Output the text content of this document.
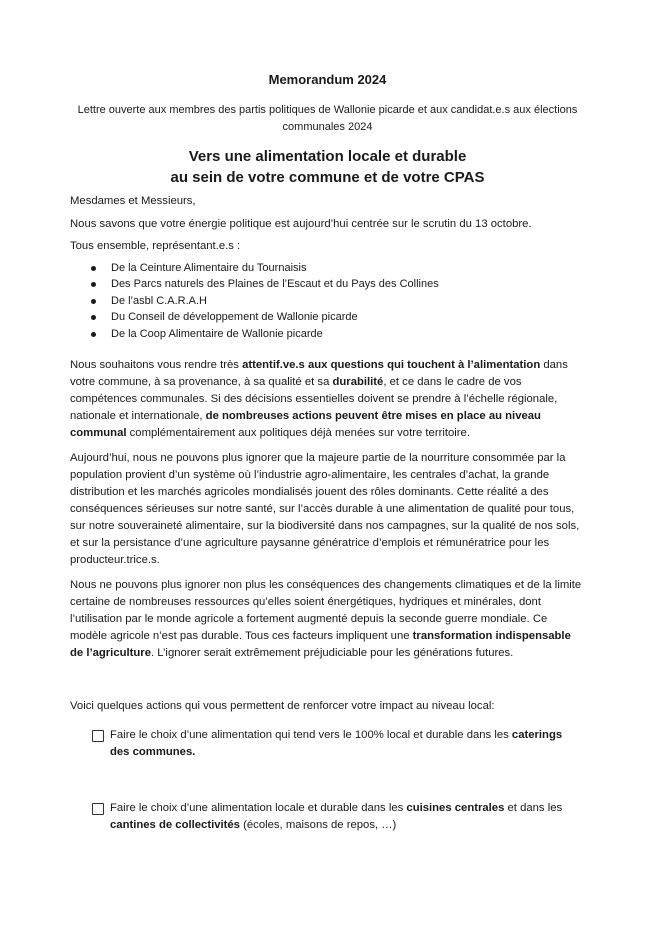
Memorandum 2024
Lettre ouverte aux membres des partis politiques de Wallonie picarde et aux candidat.e.s aux élections communales 2024
Vers une alimentation locale et durable
au sein de votre commune et de votre CPAS

Mesdames et Messieurs,

Nous savons que votre énergie politique est aujourd’hui centrée sur le scrutin du 13 octobre.

Tous ensemble, représentant.e.s :

De la Ceinture Alimentaire du Tournaisis
Des Parcs naturels des Plaines de l’Escaut et du Pays des Collines
De l’asbl C.A.R.A.H
Du Conseil de développement de Wallonie picarde
De la Coop Alimentaire de Wallonie picarde

Nous souhaitons vous rendre très attentif.ve.s aux questions qui touchent à l’alimentation dans votre commune, à sa provenance, à sa qualité et sa durabilité, et ce dans le cadre de vos compétences communales. Si des décisions essentielles doivent se prendre à l’échelle régionale, nationale et internationale, de nombreuses actions peuvent être mises en place au niveau communal complémentairement aux politiques déjà menées sur votre territoire.

Aujourd’hui, nous ne pouvons plus ignorer que la majeure partie de la nourriture consommée par la population provient d’un système où l’industrie agro-alimentaire, les centrales d’achat, la grande distribution et les marchés agricoles mondialisés jouent des rôles dominants. Cette réalité a des conséquences sérieuses sur notre santé, sur l’accès durable à une alimentation de qualité pour tous, sur notre souveraineté alimentaire, sur la biodiversité dans nos campagnes, sur la qualité de nos sols, et sur la persistance d’une agriculture paysanne génératrice d’emplois et rémunératrice pour les producteur.trice.s.

Nous ne pouvons plus ignorer non plus les conséquences des changements climatiques et de la limite certaine de nombreuses ressources qu’elles soient énergétiques, hydriques et minérales, dont l’utilisation par le monde agricole a fortement augmenté depuis la seconde guerre mondiale. Ce modèle agricole n’est pas durable. Tous ces facteurs impliquent une transformation indispensable de l’agriculture. L’ignorer serait extrêmement préjudiciable pour les générations futures.

Voici quelques actions qui vous permettent de renforcer votre impact au niveau local:

Faire le choix d’une alimentation qui tend vers le 100% local et durable dans les caterings des communes.
Faire le choix d’une alimentation locale et durable dans les cuisines centrales et dans les cantines de collectivités (écoles, maisons de repos, …)
